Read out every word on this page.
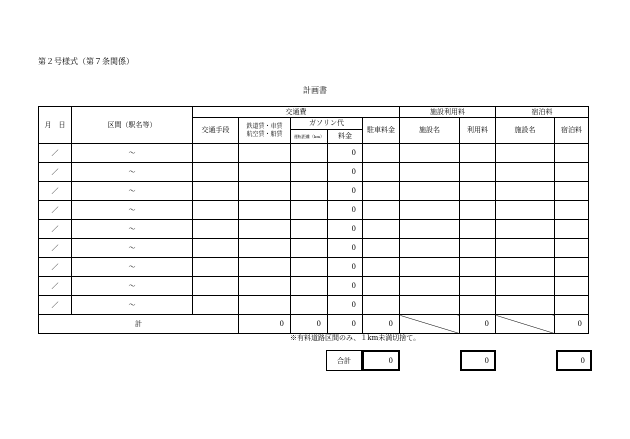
第２号様式（第７条関係）
計画書
月　日	区間（駅名等）	交通費					施設利用料		宿泊料	
		交通手段	鉄道賃・車賃
航空賃・船賃	ガソリン代		駐車料金	施設名	利用料	施設名	宿泊料
				運転距離（km）	料金					
／	～				0					
／	～				0					
／	～				0					
／	～				0					
／	～				0					
／	～				0					
／	～				0					
／	～				0					
／	～				0					
計			0	0	0	0		0		0
※有料道路区間のみ、１km未満切捨て。
合計	0	0	0
